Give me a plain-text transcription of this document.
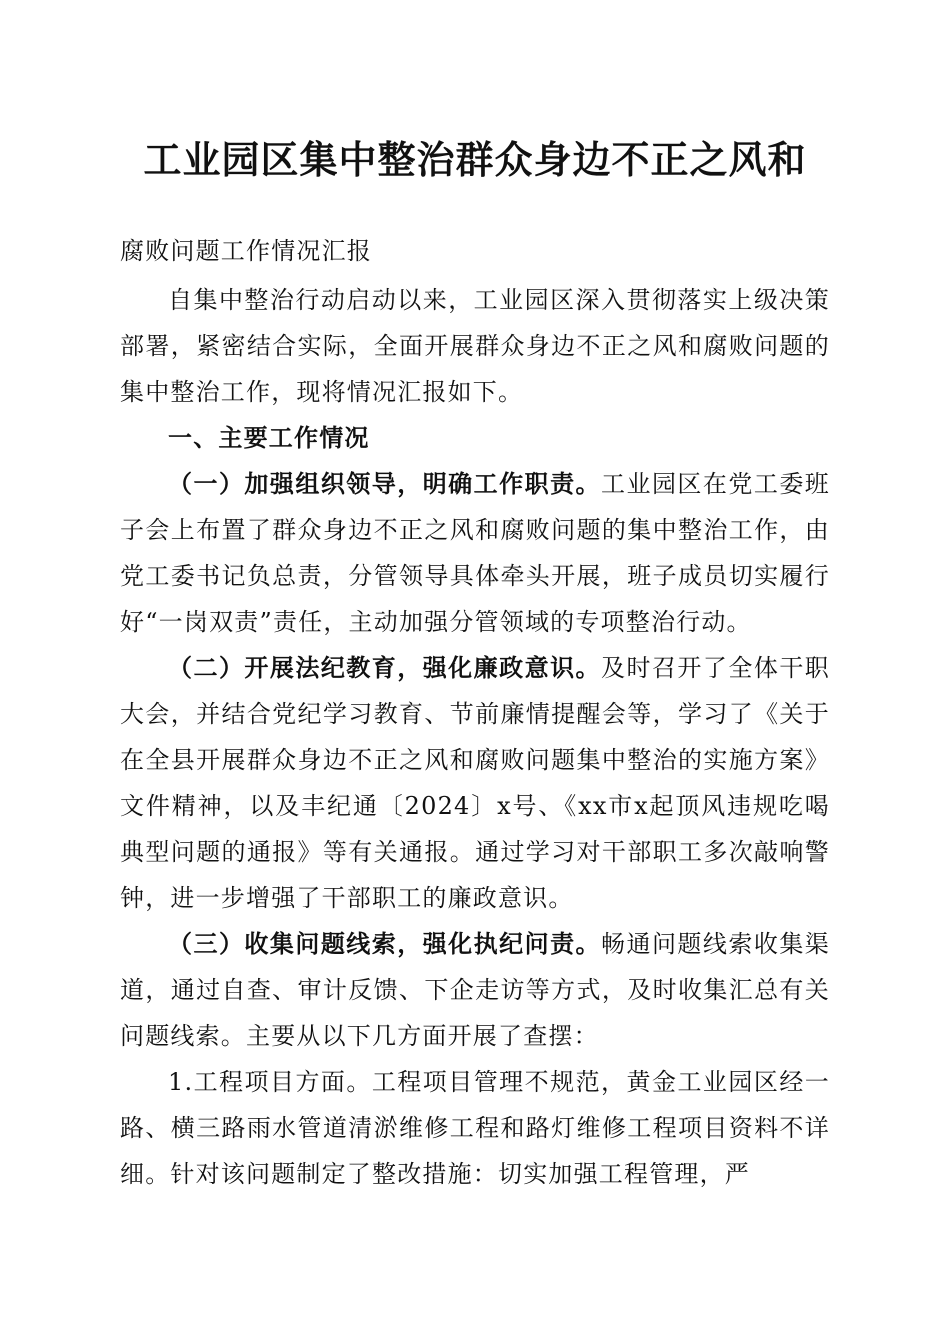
工业园区集中整治群众身边不正之风和
腐败问题工作情况汇报

自集中整治行动启动以来，工业园区深入贯彻落实上级决策部署，紧密结合实际，全面开展群众身边不正之风和腐败问题的集中整治工作，现将情况汇报如下。

一、主要工作情况

（一）加强组织领导，明确工作职责。工业园区在党工委班子会上布置了群众身边不正之风和腐败问题的集中整治工作，由党工委书记负总责，分管领导具体牵头开展，班子成员切实履行好“一岗双责”责任，主动加强分管领域的专项整治行动。

（二）开展法纪教育，强化廉政意识。及时召开了全体干职大会，并结合党纪学习教育、节前廉情提醒会等，学习了《关于在全县开展群众身边不正之风和腐败问题集中整治的实施方案》文件精神，以及丰纪通〔2024〕x号、《xx市x起顶风违规吃喝典型问题的通报》等有关通报。通过学习对干部职工多次敲响警钟，进一步增强了干部职工的廉政意识。

（三）收集问题线索，强化执纪问责。畅通问题线索收集渠道，通过自查、审计反馈、下企走访等方式，及时收集汇总有关问题线索。主要从以下几方面开展了查摆：

1.工程项目方面。工程项目管理不规范，黄金工业园区经一路、横三路雨水管道清淤维修工程和路灯维修工程项目资料不详细。针对该问题制定了整改措施：切实加强工程管理，严
